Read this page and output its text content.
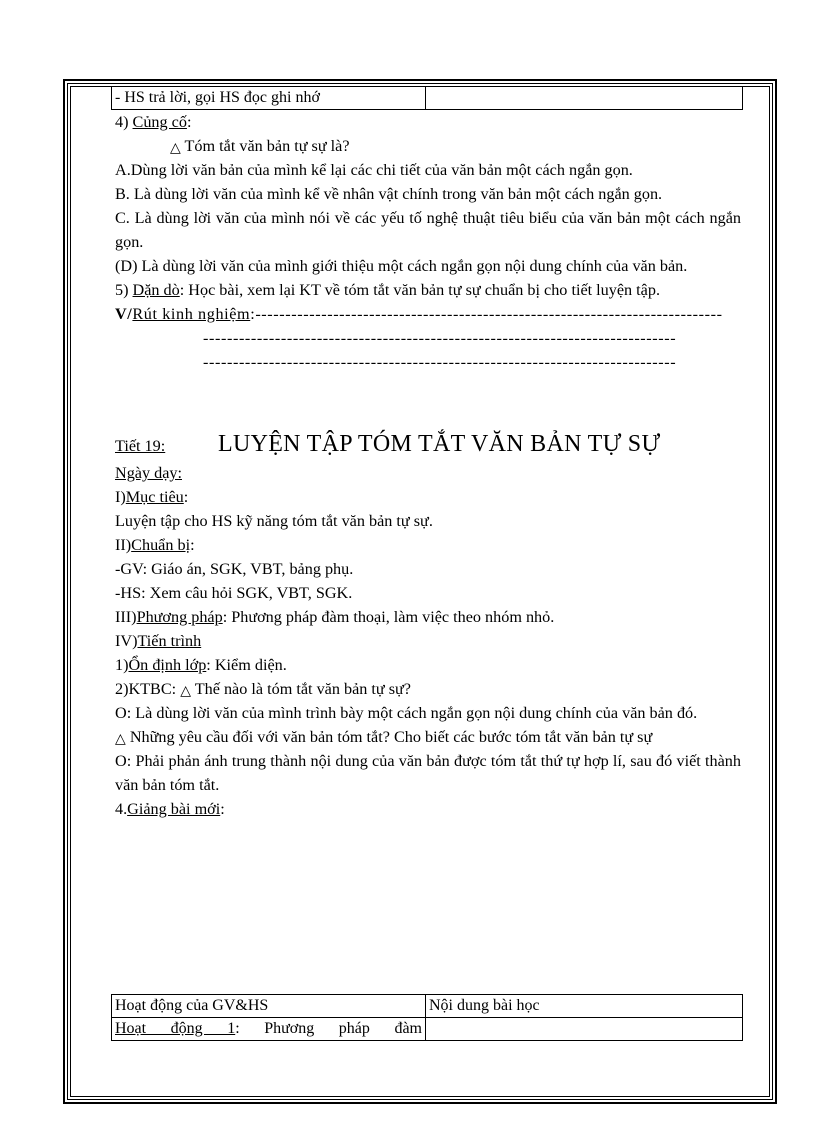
- HS trả lời, gọi HS đọc ghi nhớ	

4) Củng cố:

△ Tóm tắt văn bản tự sự là?

A.Dùng lời văn bản của mình kể lại các chi tiết của văn bản một cách ngắn gọn.

B. Là dùng lời văn của mình kể về nhân vật chính trong văn bản một cách ngắn gọn.

C. Là dùng lời văn của mình nói về các yếu tố nghệ thuật tiêu biểu của văn bản một cách ngắn gọn.

(D) Là dùng lời văn của mình giới thiệu một cách ngắn gọn nội dung chính của văn bản.

5) Dặn dò: Học bài, xem lại KT về tóm tắt văn bản tự sự chuẩn bị cho tiết luyện tập.

V/Rút kinh nghiệm:------------------------------------------------------------------------------

-------------------------------------------------------------------------------

-------------------------------------------------------------------------------

Tiết 19: LUYỆN TẬP TÓM TẮT VĂN BẢN TỰ SỰ

Ngày dạy:

I)Mục tiêu:

Luyện tập cho HS kỹ năng tóm tắt văn bản tự sự.

II)Chuẩn bị:

-GV: Giáo án, SGK, VBT, bảng phụ.

-HS: Xem câu hỏi SGK, VBT, SGK.

III)Phương pháp: Phương pháp đàm thoại, làm việc theo nhóm nhỏ.

IV)Tiến trình

1)Ổn định lớp: Kiểm diện.

2)KTBC: △ Thế nào là tóm tắt văn bản tự sự?

O: Là dùng lời văn của mình trình bày một cách ngắn gọn nội dung chính của văn bản đó.

△ Những yêu cầu đối với văn bản tóm tắt? Cho biết các bước tóm tắt văn bản tự sự

O: Phải phản ánh trung thành nội dung của văn bản được tóm tắt thứ tự hợp lí, sau đó viết thành văn bản tóm tắt.

4.Giảng bài mới:

Hoạt động của GV&HS	Nội dung bài học
Hoạt động 1: Phương pháp đàm	
